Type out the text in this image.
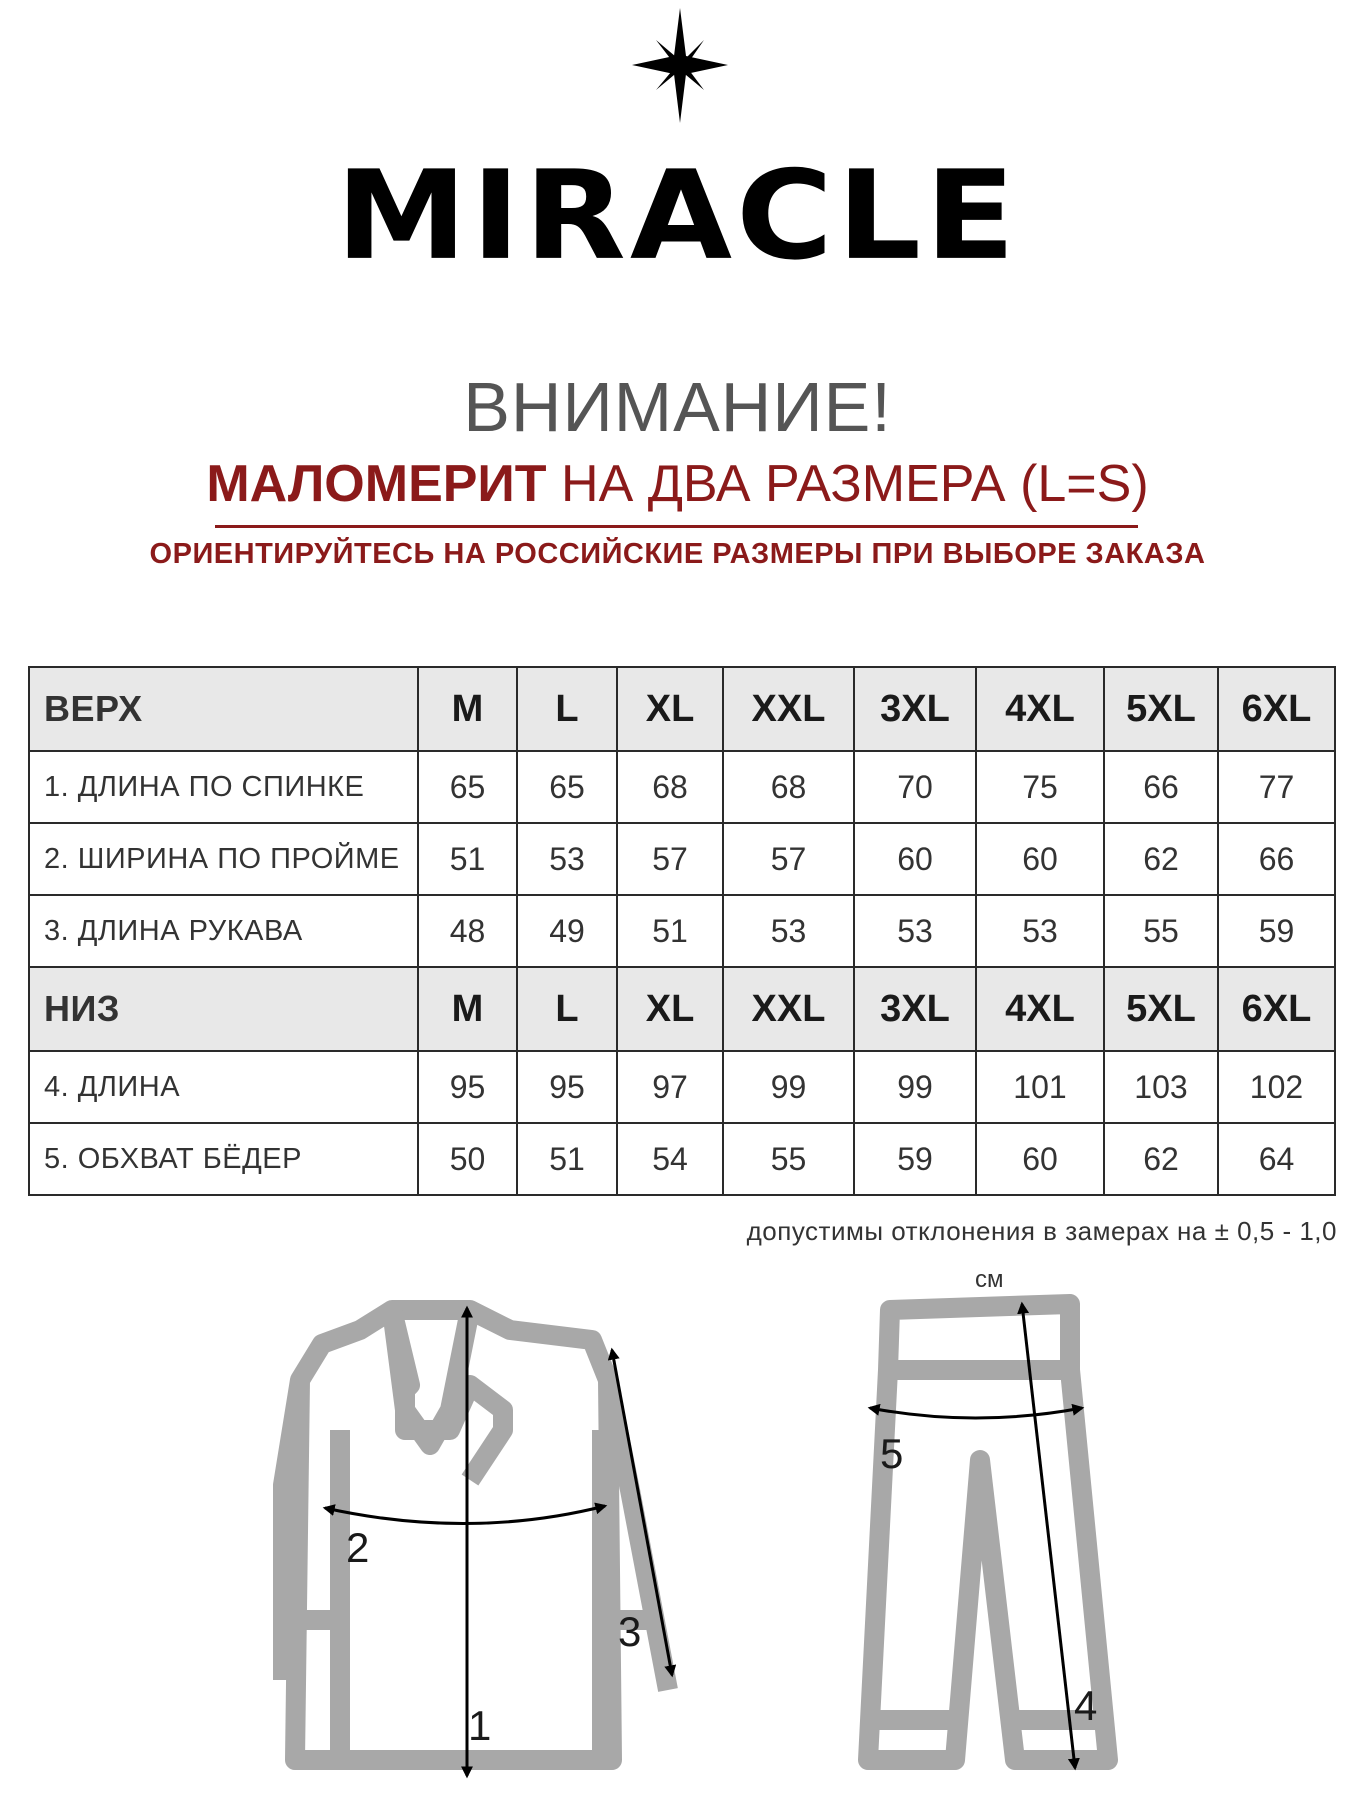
MIRACLE
ВНИМАНИЕ!
МАЛОМЕРИТ НА ДВА РАЗМЕРА (L=S)
ОРИЕНТИРУЙТЕСЬ НА РОССИЙСКИЕ РАЗМЕРЫ ПРИ ВЫБОРЕ ЗАКАЗА
ВЕРХ	M	L	XL	XXL	3XL	4XL	5XL	6XL
1. ДЛИНА ПО СПИНКЕ	65	65	68	68	70	75	66	77
2. ШИРИНА ПО ПРОЙМЕ	51	53	57	57	60	60	62	66
3. ДЛИНА РУКАВА	48	49	51	53	53	53	55	59
НИЗ	M	L	XL	XXL	3XL	4XL	5XL	6XL
4. ДЛИНА	95	95	97	99	99	101	103	102
5. ОБХВАТ БЁДЕР	50	51	54	55	59	60	62	64
допустимы отклонения в замерах на ± 0,5 - 1,0
см
1
2
3
4
5
